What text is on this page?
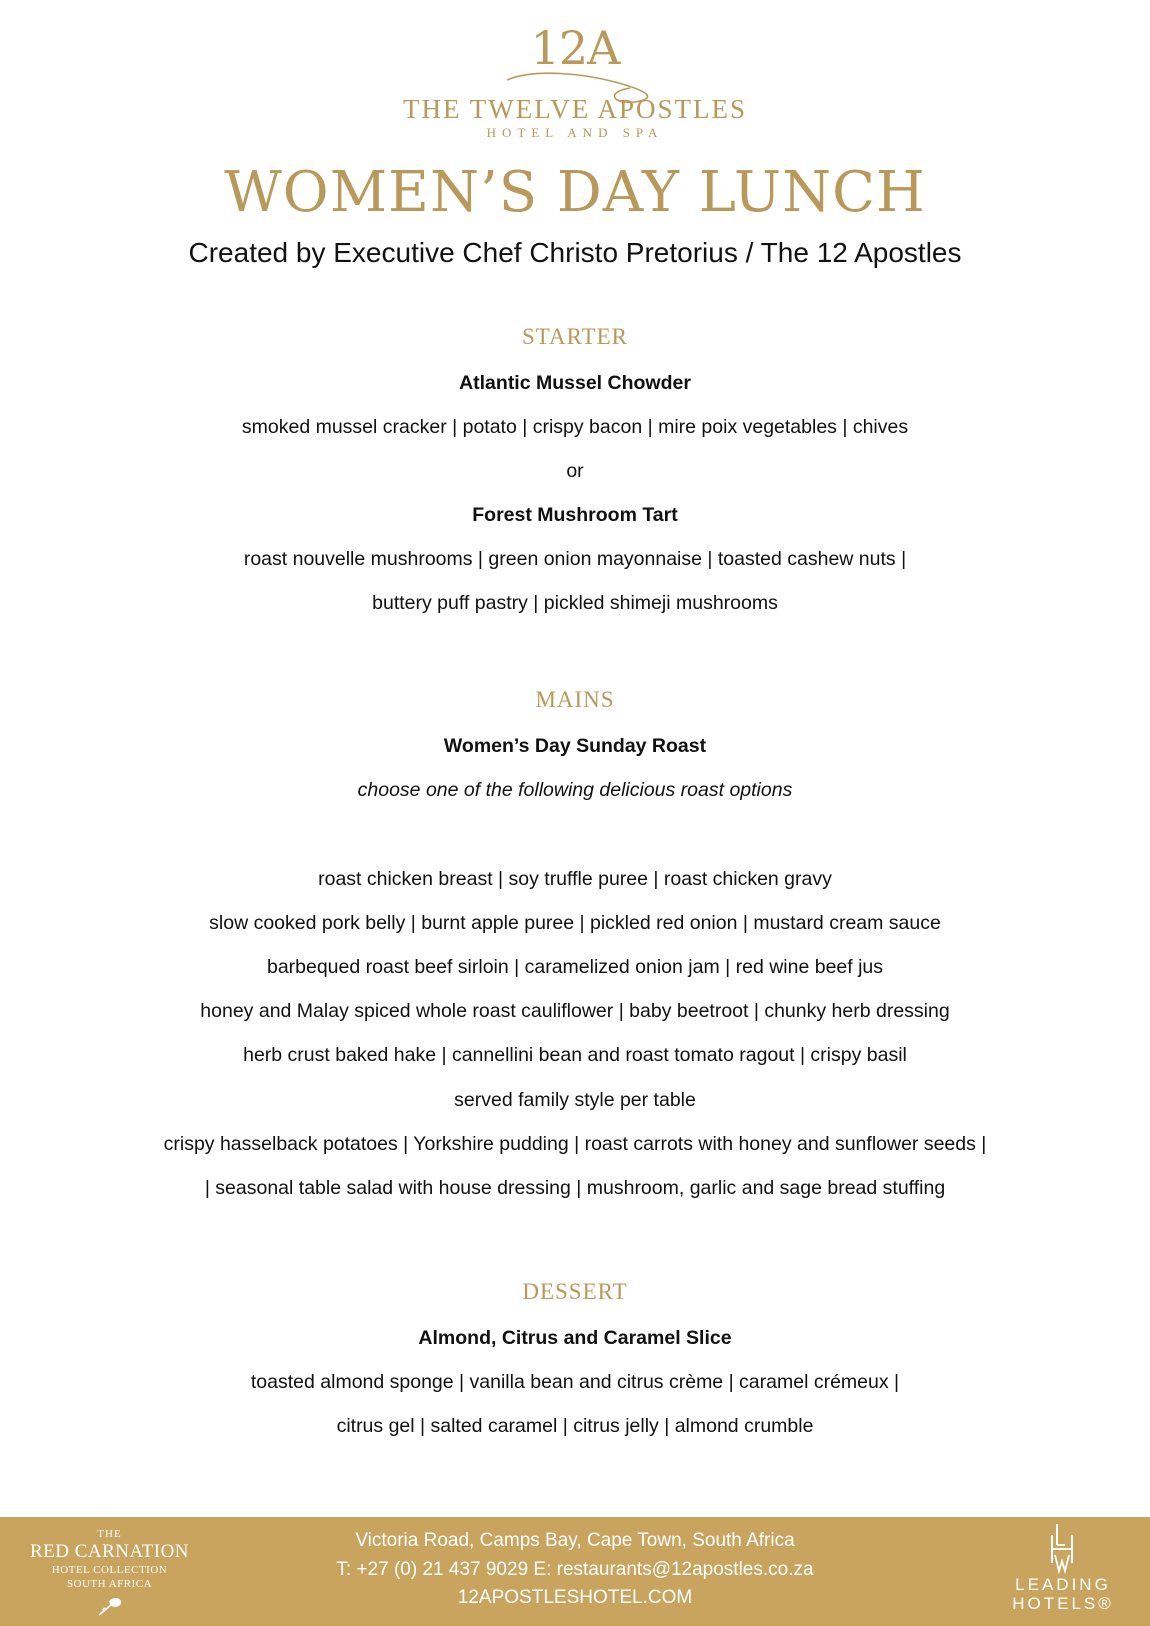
12A
THE TWELVE APOSTLES
HOTEL AND SPA
WOMEN’S DAY LUNCH
Created by Executive Chef Christo Pretorius / The 12 Apostles
STARTER
Atlantic Mussel Chowder
smoked mussel cracker | potato | crispy bacon | mire poix vegetables | chives
or
Forest Mushroom Tart
roast nouvelle mushrooms | green onion mayonnaise | toasted cashew nuts |
buttery puff pastry | pickled shimeji mushrooms
MAINS
Women’s Day Sunday Roast
choose one of the following delicious roast options
roast chicken breast | soy truffle puree | roast chicken gravy
slow cooked pork belly | burnt apple puree | pickled red onion | mustard cream sauce
barbequed roast beef sirloin | caramelized onion jam | red wine beef jus
honey and Malay spiced whole roast cauliflower | baby beetroot | chunky herb dressing
herb crust baked hake | cannellini bean and roast tomato ragout | crispy basil
served family style per table
crispy hasselback potatoes | Yorkshire pudding | roast carrots with honey and sunflower seeds |
| seasonal table salad with house dressing | mushroom, garlic and sage bread stuffing
DESSERT
Almond, Citrus and Caramel Slice
toasted almond sponge | vanilla bean and citrus crème | caramel crémeux |
citrus gel | salted caramel | citrus jelly | almond crumble
THE
RED CARNATION
HOTEL COLLECTION
SOUTH AFRICA
Victoria Road, Camps Bay, Cape Town, South Africa
T: +27 (0) 21 437 9029 E: restaurants@12apostles.co.za
12APOSTLESHOTEL.COM
LEADING
HOTELS®
